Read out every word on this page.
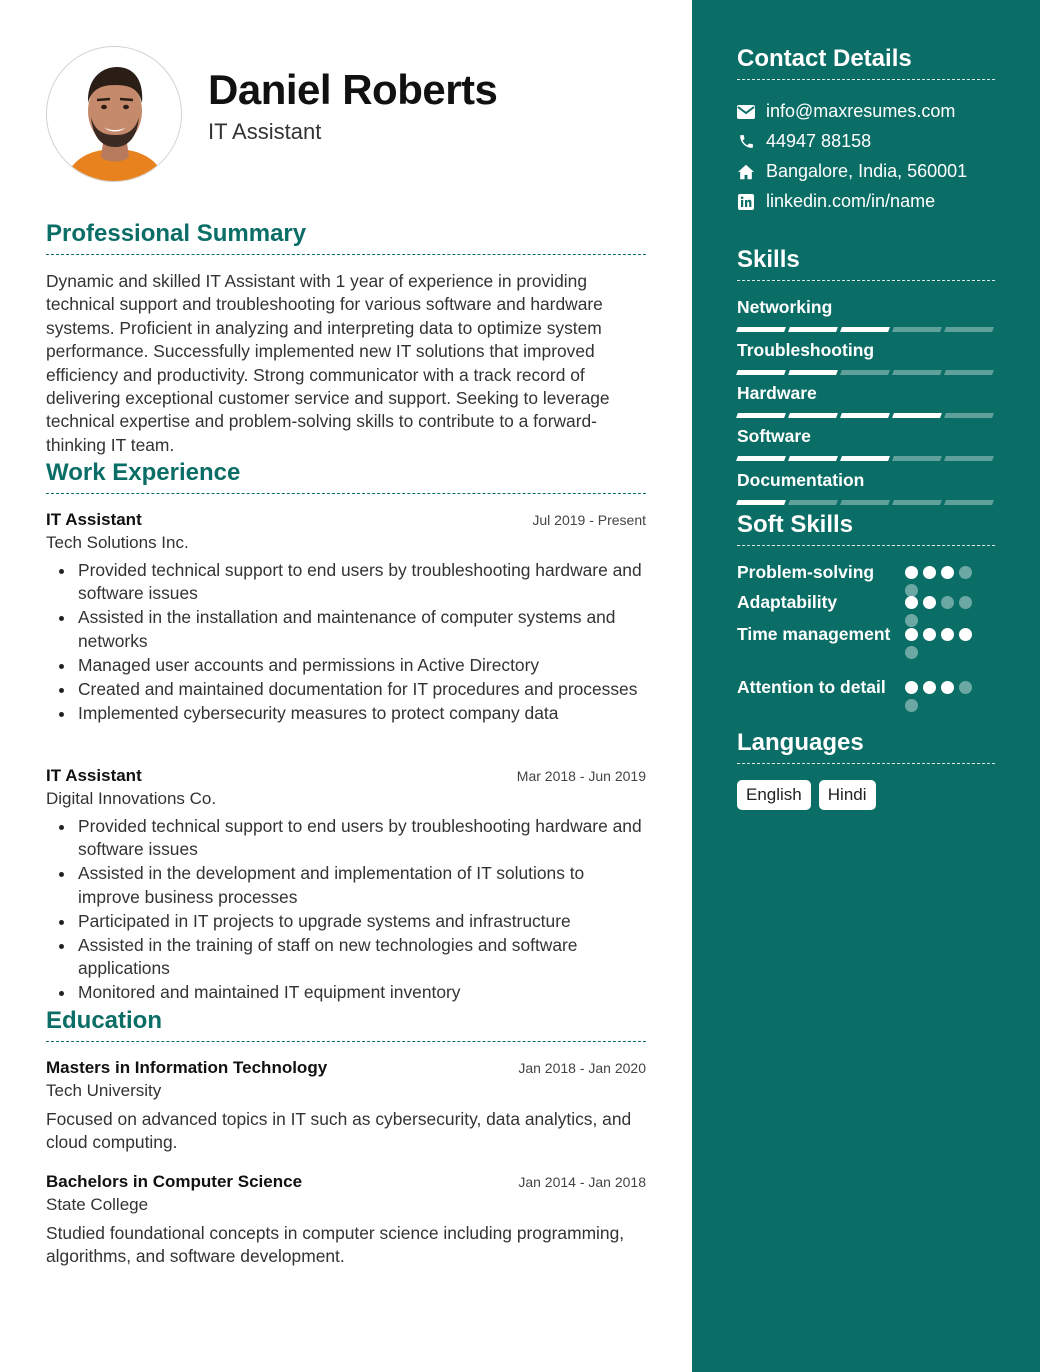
Daniel Roberts
IT Assistant
Professional Summary
Dynamic and skilled IT Assistant with 1 year of experience in providing technical support and troubleshooting for various software and hardware systems. Proficient in analyzing and interpreting data to optimize system performance. Successfully implemented new IT solutions that improved efficiency and productivity. Strong communicator with a track record of delivering exceptional customer service and support. Seeking to leverage technical expertise and problem-solving skills to contribute to a forward-thinking IT team.
Work Experience
IT Assistant	Jul 2019 - Present
Tech Solutions Inc.
Provided technical support to end users by troubleshooting hardware and software issues
Assisted in the installation and maintenance of computer systems and networks
Managed user accounts and permissions in Active Directory
Created and maintained documentation for IT procedures and processes
Implemented cybersecurity measures to protect company data
IT Assistant	Mar 2018 - Jun 2019
Digital Innovations Co.
Provided technical support to end users by troubleshooting hardware and software issues
Assisted in the development and implementation of IT solutions to improve business processes
Participated in IT projects to upgrade systems and infrastructure
Assisted in the training of staff on new technologies and software applications
Monitored and maintained IT equipment inventory
Education
Masters in Information Technology	Jan 2018 - Jan 2020
Tech University
Focused on advanced topics in IT such as cybersecurity, data analytics, and cloud computing.
Bachelors in Computer Science	Jan 2014 - Jan 2018
State College
Studied foundational concepts in computer science including programming, algorithms, and software development.
Contact Details
info@maxresumes.com
44947 88158
Bangalore, India, 560001
linkedin.com/in/name
Skills
Networking
Troubleshooting
Hardware
Software
Documentation
Soft Skills
Problem-solving
Adaptability
Time management
Attention to detail
Languages
English	Hindi
